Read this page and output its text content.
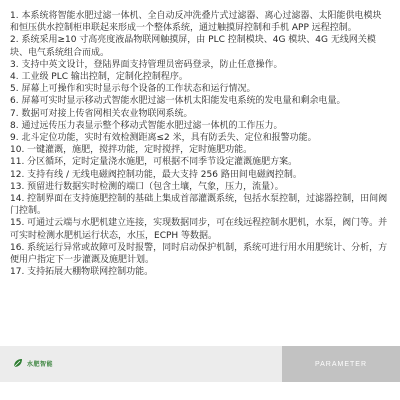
1. 本系统将智能水肥过滤一体机、全自动反冲洗叠片式过滤器、离心过滤器、太阳能供电模块和恒压供水控制柜串联起来形成一个整体系统，通过触摸屏控制和手机 APP 远程控制。

2. 系统采用≥10 寸高亮度液晶物联网触摸屏，由 PLC 控制模块、4G 模块、4G 无线网关模块、电气系统组合而成。

3. 支持中英文设计，登陆界面支持管理员密码登录，防止任意操作。

4. 工业级 PLC 输出控制，定制化控制程序。

5. 屏幕上可操作和实时显示每个设备的工作状态和运行情况。

6. 屏幕可实时显示移动式智能水肥过滤一体机太阳能发电系统的发电量和剩余电量。

7. 数据可对接上传省网相关农业物联网系统。

8. 通过远传压力表显示整个移动式智能水肥过滤一体机的工作压力。

9. 北斗定位功能，实时有效检测距离≤2 米，具有防丢失、定位和报警功能。

10. 一键灌溉，施肥，搅拌功能，定时搅拌，定时施肥功能。

11. 分区循环，定时定量浇水施肥，可根据不同季节设定灌溉施肥方案。

12. 支持有线 / 无线电磁阀控制功能，最大支持 256 路田间电磁阀控制。

13. 预留进行数据实时检测的端口（包含土壤，气象，压力，流量）。

14. 控制界面在支持施肥控制的基础上集成首部灌溉系统，包括水泵控制，过滤器控制，田间阀门控制。

15. 可通过云端与水肥机建立连接，实现数据同步，可在线远程控制水肥机，水泵，阀门等。并可实时检测水肥机运行状态，水压，ECPH 等数据。

16. 系统运行异常或故障可及时报警，同时启动保护机制，系统可进行用水用肥统计、分析，方便用户指定下一步灌溉及施肥计划。

17. 支持拓展大棚物联网控制功能。

水肥智能	PARAMETER
